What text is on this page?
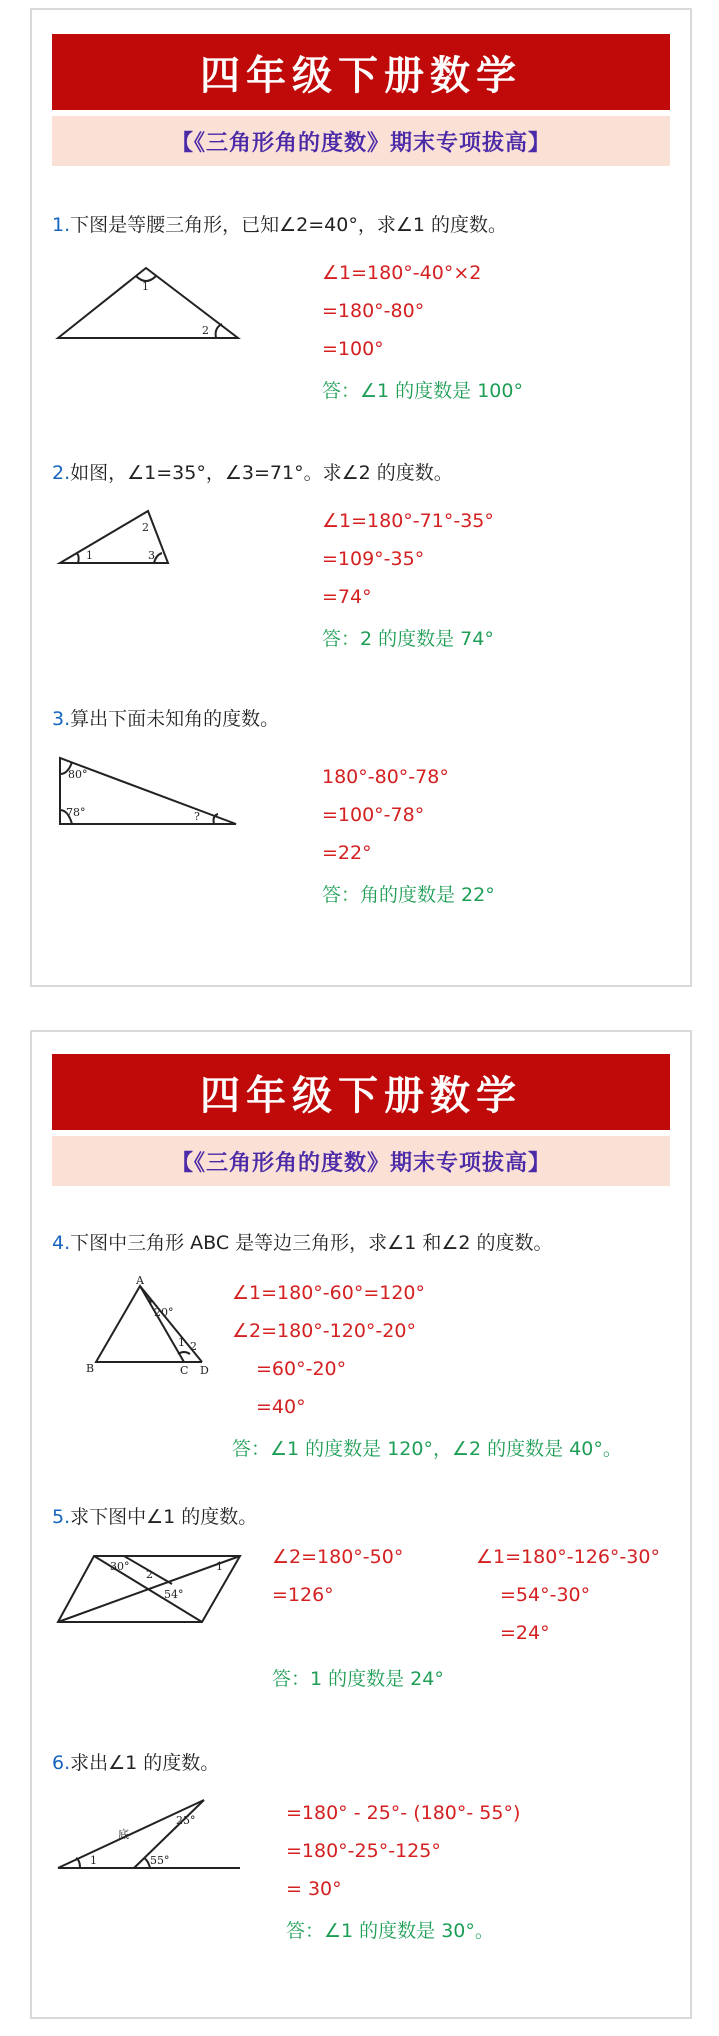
四年级下册数学
【《三角形角的度数》期末专项拔高】
1.下图是等腰三角形，已知∠2=40°，求∠1 的度数。
1
2
∠1=180°-40°×2
=180°-80°
=100°
答：∠1 的度数是 100°
2.如图，∠1=35°，∠3=71°。求∠2 的度数。
2
1	3
∠1=180°-71°-35°
=109°-35°
=74°
答：2 的度数是 74°
3.算出下面未知角的度数。
80°
78°	?
180°-80°-78°
=100°-78°
=22°
答：角的度数是 22°
四年级下册数学
【《三角形角的度数》期末专项拔高】
4.下图中三角形 ABC 是等边三角形，求∠1 和∠2 的度数。
A
B	C D
20°
1 2
∠1=180°-60°=120°
∠2=180°-120°-20°
=60°-20°
=40°
答：∠1 的度数是 120°，∠2 的度数是 40°。
5.求下图中∠1 的度数。
30°
2
1
54°
∠2=180°-50°
=126°
∠1=180°-126°-30°
=54°-30°
=24°
答：1 的度数是 24°
6.求出∠1 的度数。
25°
底
1	55°
=180° - 25°- (180°- 55°)
=180°-25°-125°
= 30°
答：∠1 的度数是 30°。
